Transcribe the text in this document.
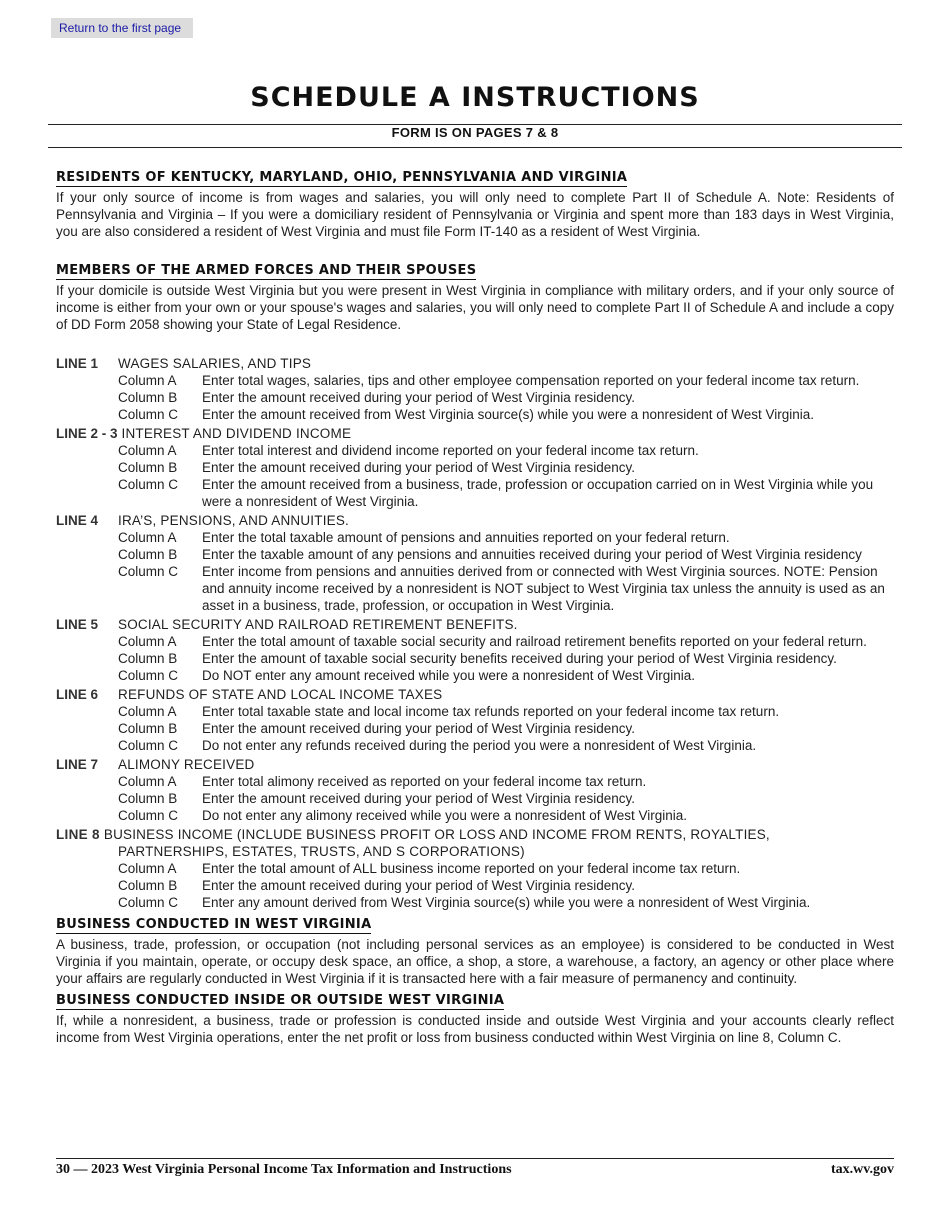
Return to the first page
SCHEDULE A INSTRUCTIONS
FORM IS ON PAGES 7 & 8
RESIDENTS OF KENTUCKY, MARYLAND, OHIO, PENNSYLVANIA AND VIRGINIA

If your only source of income is from wages and salaries, you will only need to complete Part II of Schedule A. Note: Residents of Pennsylvania and Virginia – If you were a domiciliary resident of Pennsylvania or Virginia and spent more than 183 days in West Virginia, you are also considered a resident of West Virginia and must file Form IT-140 as a resident of West Virginia.

MEMBERS OF THE ARMED FORCES AND THEIR SPOUSES

If your domicile is outside West Virginia but you were present in West Virginia in compliance with military orders, and if your only source of income is either from your own or your spouse's wages and salaries, you will only need to complete Part II of Schedule A and include a copy of DD Form 2058 showing your State of Legal Residence.

LINE 1	WAGES SALARIES, AND TIPS
Column A	Enter total wages, salaries, tips and other employee compensation reported on your federal income tax return.
Column B	Enter the amount received during your period of West Virginia residency.
Column C	Enter the amount received from West Virginia source(s) while you were a nonresident of West Virginia.
LINE 2 - 3 INTEREST AND DIVIDEND INCOME
Column A	Enter total interest and dividend income reported on your federal income tax return.
Column B	Enter the amount received during your period of West Virginia residency.
Column C	Enter the amount received from a business, trade, profession or occupation carried on in West Virginia while you were a nonresident of West Virginia.
LINE 4	IRA’S, PENSIONS, AND ANNUITIES.
Column A	Enter the total taxable amount of pensions and annuities reported on your federal return.
Column B	Enter the taxable amount of any pensions and annuities received during your period of West Virginia residency
Column C	Enter income from pensions and annuities derived from or connected with West Virginia sources. NOTE: Pension and annuity income received by a nonresident is NOT subject to West Virginia tax unless the annuity is used as an asset in a business, trade, profession, or occupation in West Virginia.
LINE 5	SOCIAL SECURITY AND RAILROAD RETIREMENT BENEFITS.
Column A	Enter the total amount of taxable social security and railroad retirement benefits reported on your federal return.
Column B	Enter the amount of taxable social security benefits received during your period of West Virginia residency.
Column C	Do NOT enter any amount received while you were a nonresident of West Virginia.
LINE 6	REFUNDS OF STATE AND LOCAL INCOME TAXES
Column A	Enter total taxable state and local income tax refunds reported on your federal income tax return.
Column B	Enter the amount received during your period of West Virginia residency.
Column C	Do not enter any refunds received during the period you were a nonresident of West Virginia.
LINE 7	ALIMONY RECEIVED
Column A	Enter total alimony received as reported on your federal income tax return.
Column B	Enter the amount received during your period of West Virginia residency.
Column C	Do not enter any alimony received while you were a nonresident of West Virginia.
LINE 8 BUSINESS INCOME (INCLUDE BUSINESS PROFIT OR LOSS AND INCOME FROM RENTS, ROYALTIES,
PARTNERSHIPS, ESTATES, TRUSTS, AND S CORPORATIONS)
Column A	Enter the total amount of ALL business income reported on your federal income tax return.
Column B	Enter the amount received during your period of West Virginia residency.
Column C	Enter any amount derived from West Virginia source(s) while you were a nonresident of West Virginia.
BUSINESS CONDUCTED IN WEST VIRGINIA

A business, trade, profession, or occupation (not including personal services as an employee) is considered to be conducted in West Virginia if you maintain, operate, or occupy desk space, an office, a shop, a store, a warehouse, a factory, an agency or other place where your affairs are regularly conducted in West Virginia if it is transacted here with a fair measure of permanency and continuity.

BUSINESS CONDUCTED INSIDE OR OUTSIDE WEST VIRGINIA

If, while a nonresident, a business, trade or profession is conducted inside and outside West Virginia and your accounts clearly reflect income from West Virginia operations, enter the net profit or loss from business conducted within West Virginia on line 8, Column C.

30 — 2023 West Virginia Personal Income Tax Information and Instructions	tax.wv.gov
